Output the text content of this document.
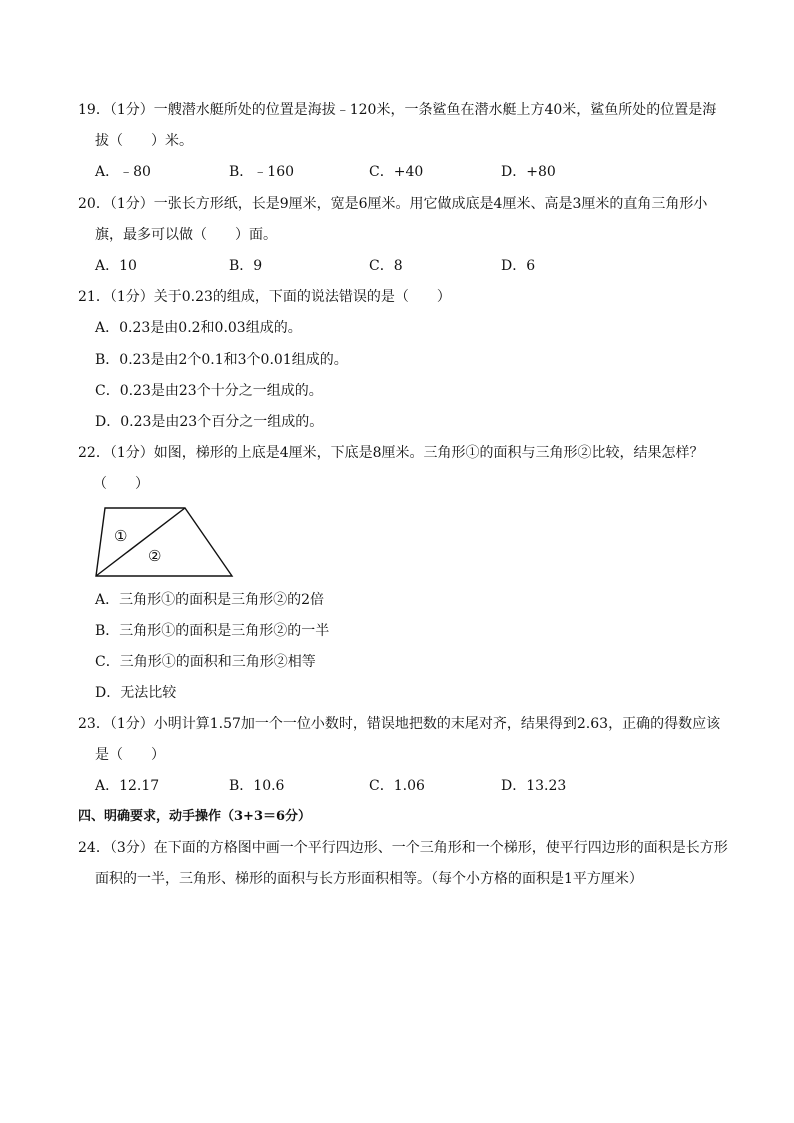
19．（1分）一艘潜水艇所处的位置是海拔﹣120米，一条鲨鱼在潜水艇上方40米，鲨鱼所处的位置是海
拔（　　）米。
A．﹣80	B．﹣160	C．+40	D．+80
20．（1分）一张长方形纸，长是9厘米，宽是6厘米。用它做成底是4厘米、高是3厘米的直角三角形小
旗，最多可以做（　　）面。
A．10	B．9	C．8	D．6
21．（1分）关于0.23的组成，下面的说法错误的是（　　）
A．0.23是由0.2和0.03组成的。
B．0.23是由2个0.1和3个0.01组成的。
C．0.23是由23个十分之一组成的。
D．0.23是由23个百分之一组成的。
22．（1分）如图，梯形的上底是4厘米，下底是8厘米。三角形①的面积与三角形②比较，结果怎样？
（　　）
①
②
A．三角形①的面积是三角形②的2倍
B．三角形①的面积是三角形②的一半
C．三角形①的面积和三角形②相等
D．无法比较
23．（1分）小明计算1.57加一个一位小数时，错误地把数的末尾对齐，结果得到2.63，正确的得数应该
是（　　）
A．12.17	B．10.6	C．1.06	D．13.23
四、明确要求，动手操作（3+3＝6分）
24．（3分）在下面的方格图中画一个平行四边形、一个三角形和一个梯形，使平行四边形的面积是长方形
面积的一半，三角形、梯形的面积与长方形面积相等。（每个小方格的面积是1平方厘米）
